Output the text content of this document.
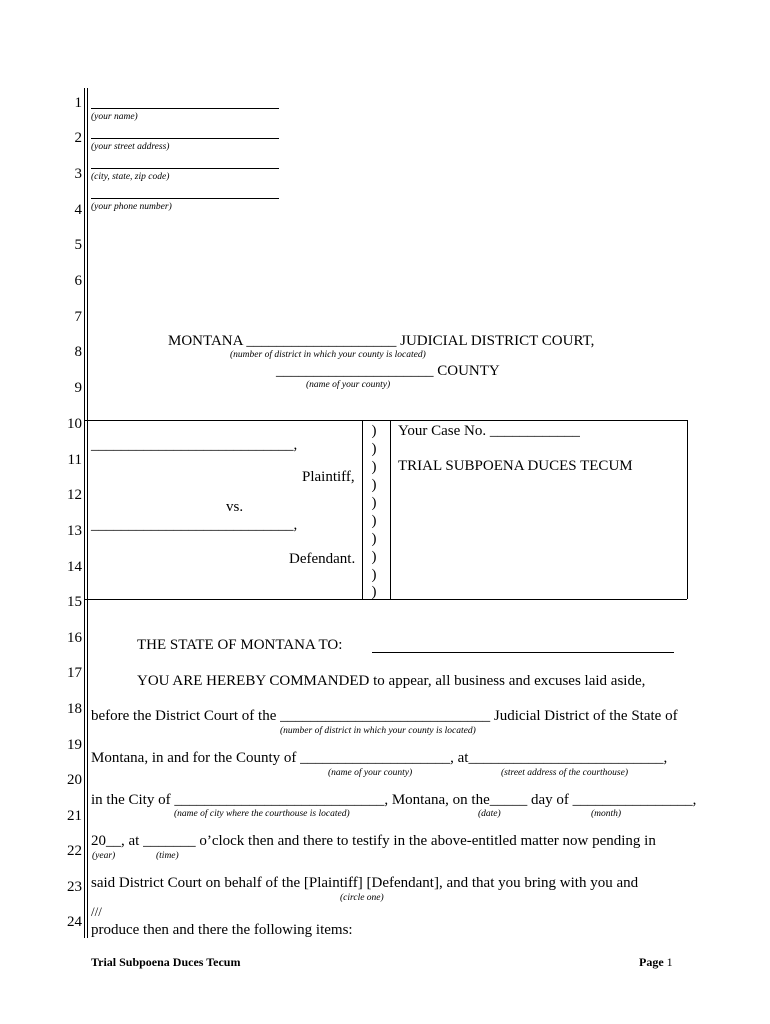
1
2
3
4
5
6
7
8
9
10
11
12
13
14
15
16
17
18
19
20
21
22
23
24
(your name)
(your street address)
(city, state, zip code)
(your phone number)
MONTANA ____________________ JUDICIAL DISTRICT COURT,
(number of district in which your county is located)
_____________________ COUNTY
(name of your county)
___________________________,
Plaintiff,
vs.
___________________________,
Defendant.
)
)
)
)
)
)
)
)
)
)
Your Case No. ____________
TRIAL SUBPOENA DUCES TECUM
THE STATE OF MONTANA TO:
YOU ARE HEREBY COMMANDED to appear, all business and excuses laid aside,
before the District Court of the ____________________________ Judicial District of the State of
(number of district in which your county is located)
Montana, in and for the County of ____________________, at__________________________,
(name of your county)	(street address of the courthouse)
in the City of ____________________________, Montana, on the_____ day of ________________,
(name of city where the courthouse is located)	(date)	(month)
20__, at _______ o’clock then and there to testify in the above-entitled matter now pending in
(year)	(time)
said District Court on behalf of the [Plaintiff] [Defendant], and that you bring with you and
(circle one)
///
produce then and there the following items:
Trial Subpoena Duces Tecum	Page 1
